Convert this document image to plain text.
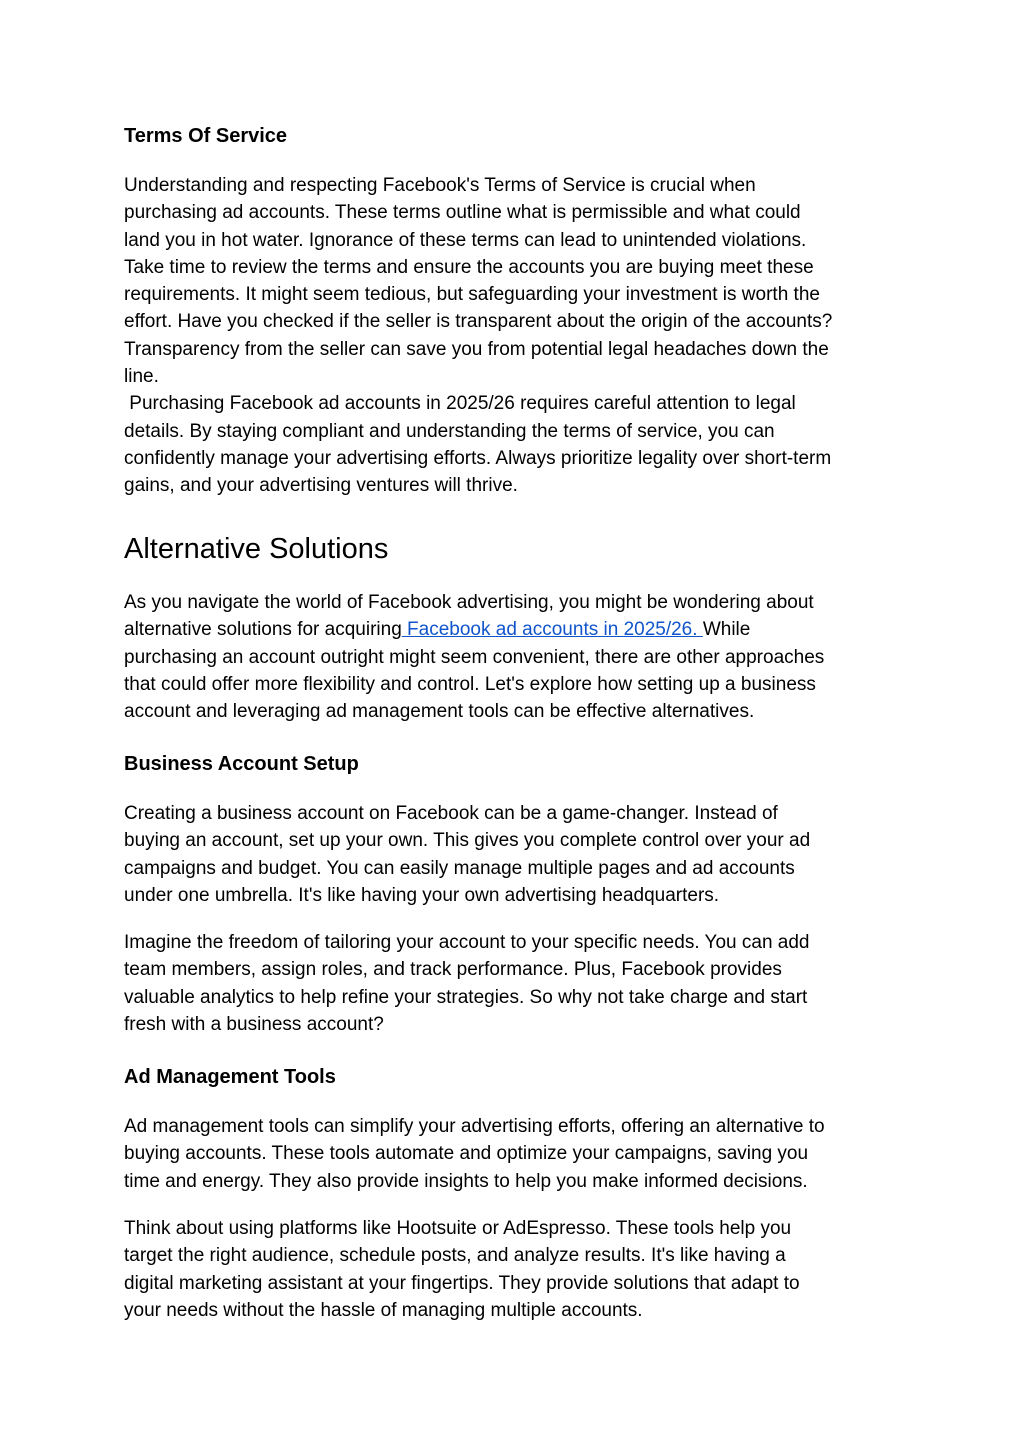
Terms Of Service
Understanding and respecting Facebook's Terms of Service is crucial when
purchasing ad accounts. These terms outline what is permissible and what could
land you in hot water. Ignorance of these terms can lead to unintended violations.
Take time to review the terms and ensure the accounts you are buying meet these
requirements. It might seem tedious, but safeguarding your investment is worth the
effort. Have you checked if the seller is transparent about the origin of the accounts?
Transparency from the seller can save you from potential legal headaches down the
line.
Purchasing Facebook ad accounts in 2025/26 requires careful attention to legal
details. By staying compliant and understanding the terms of service, you can
confidently manage your advertising efforts. Always prioritize legality over short-term
gains, and your advertising ventures will thrive.
Alternative Solutions
As you navigate the world of Facebook advertising, you might be wondering about
alternative solutions for acquiring Facebook ad accounts in 2025/26. While
purchasing an account outright might seem convenient, there are other approaches
that could offer more flexibility and control. Let's explore how setting up a business
account and leveraging ad management tools can be effective alternatives.
Business Account Setup
Creating a business account on Facebook can be a game-changer. Instead of
buying an account, set up your own. This gives you complete control over your ad
campaigns and budget. You can easily manage multiple pages and ad accounts
under one umbrella. It's like having your own advertising headquarters.
Imagine the freedom of tailoring your account to your specific needs. You can add
team members, assign roles, and track performance. Plus, Facebook provides
valuable analytics to help refine your strategies. So why not take charge and start
fresh with a business account?
Ad Management Tools
Ad management tools can simplify your advertising efforts, offering an alternative to
buying accounts. These tools automate and optimize your campaigns, saving you
time and energy. They also provide insights to help you make informed decisions.
Think about using platforms like Hootsuite or AdEspresso. These tools help you
target the right audience, schedule posts, and analyze results. It's like having a
digital marketing assistant at your fingertips. They provide solutions that adapt to
your needs without the hassle of managing multiple accounts.
